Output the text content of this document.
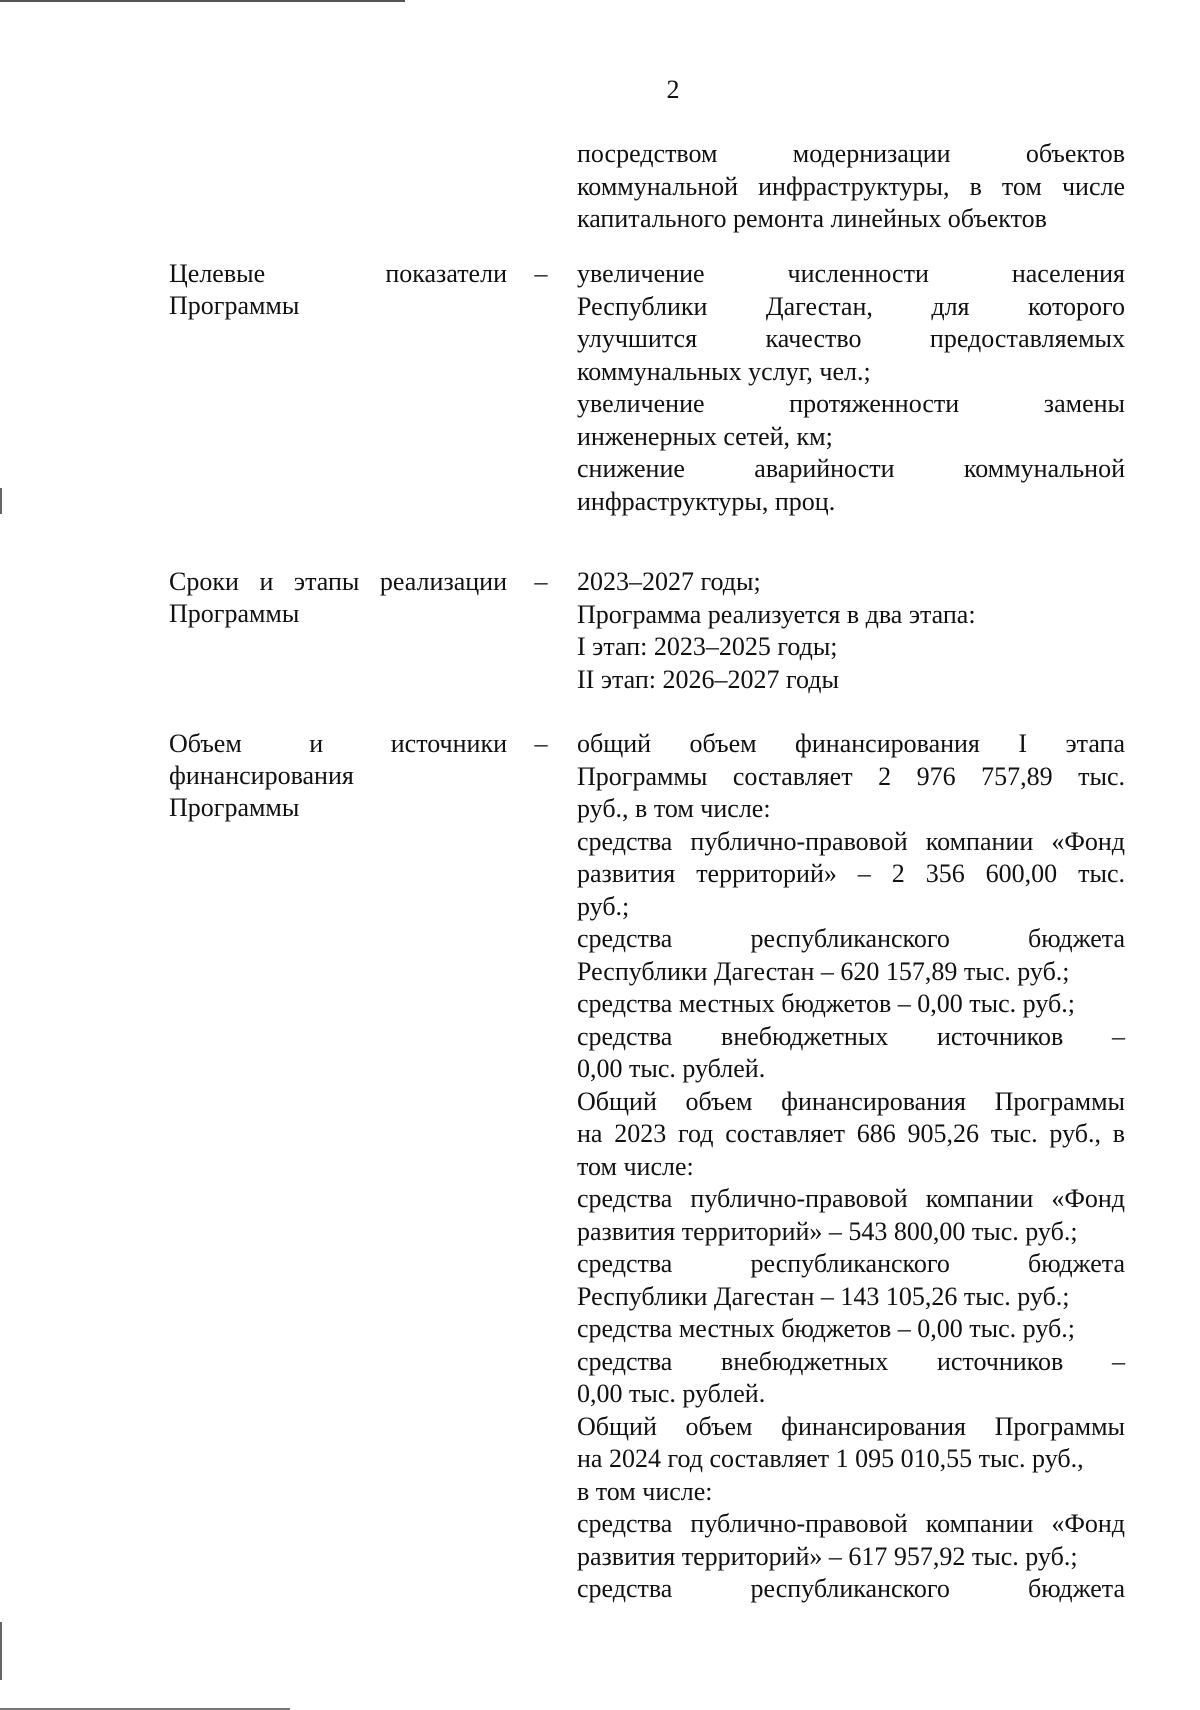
2
посредством модернизации объектов
коммунальной инфраструктуры, в том числе
капитального ремонта линейных объектов
Целевые показатели
Программы
– увеличение численности населения
Республики Дагестан, для которого
улучшится качество предоставляемых
коммунальных услуг, чел.;
увеличение протяженности замены
инженерных сетей, км;
снижение аварийности коммунальной
инфраструктуры, проц.
Сроки и этапы реализации
Программы
– 2023–2027 годы;
Программа реализуется в два этапа:
I этап: 2023–2025 годы;
II этап: 2026–2027 годы
Объем и источники
финансирования
Программы
– общий объем финансирования I этапа
Программы составляет 2 976 757,89 тыс.
руб., в том числе:
средства публично-правовой компании «Фонд
развития территорий» – 2 356 600,00 тыс.
руб.;
средства республиканского бюджета
Республики Дагестан – 620 157,89 тыс. руб.;
средства местных бюджетов – 0,00 тыс. руб.;
средства внебюджетных источников –
0,00 тыс. рублей.
Общий объем финансирования Программы
на 2023 год составляет 686 905,26 тыс. руб., в
том числе:
средства публично-правовой компании «Фонд
развития территорий» – 543 800,00 тыс. руб.;
средства республиканского бюджета
Республики Дагестан – 143 105,26 тыс. руб.;
средства местных бюджетов – 0,00 тыс. руб.;
средства внебюджетных источников –
0,00 тыс. рублей.
Общий объем финансирования Программы
на 2024 год составляет 1 095 010,55 тыс. руб.,
в том числе:
средства публично-правовой компании «Фонд
развития территорий» – 617 957,92 тыс. руб.;
средства республиканского бюджета
